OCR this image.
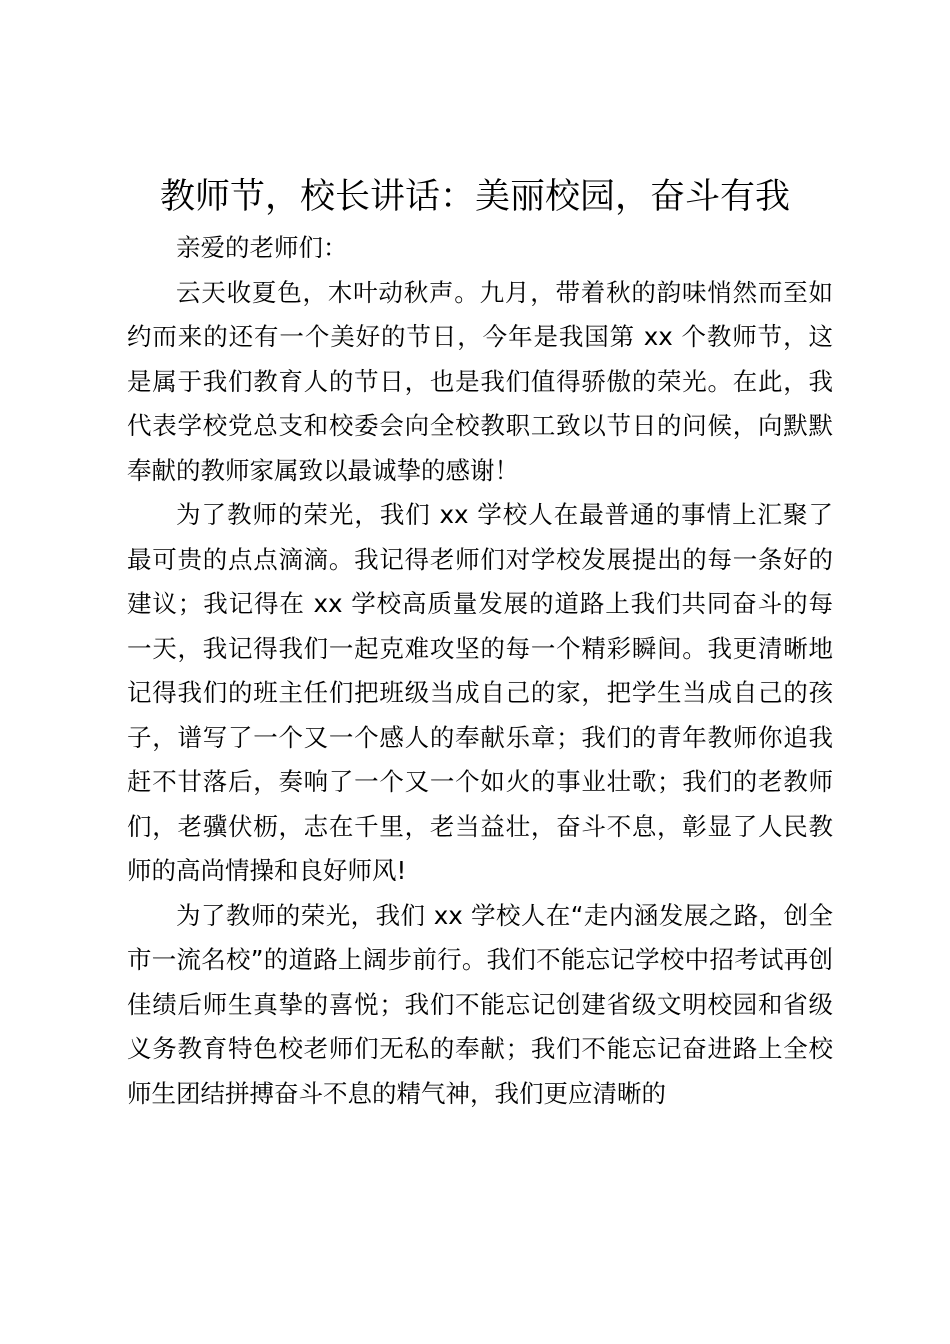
教师节，校长讲话：美丽校园，奋斗有我

亲爱的老师们：

云天收夏色，木叶动秋声。九月，带着秋的韵味悄然而至如约而来的还有一个美好的节日，今年是我国第 xx 个教师节，这是属于我们教育人的节日，也是我们值得骄傲的荣光。在此，我代表学校党总支和校委会向全校教职工致以节日的问候，向默默奉献的教师家属致以最诚挚的感谢！

为了教师的荣光，我们 xx 学校人在最普通的事情上汇聚了最可贵的点点滴滴。我记得老师们对学校发展提出的每一条好的建议；我记得在 xx 学校高质量发展的道路上我们共同奋斗的每一天，我记得我们一起克难攻坚的每一个精彩瞬间。我更清晰地记得我们的班主任们把班级当成自己的家，把学生当成自己的孩子，谱写了一个又一个感人的奉献乐章；我们的青年教师你追我赶不甘落后，奏响了一个又一个如火的事业壮歌；我们的老教师们，老骥伏枥，志在千里，老当益壮，奋斗不息，彰显了人民教师的高尚情操和良好师风!

为了教师的荣光，我们 xx 学校人在“走内涵发展之路，创全市一流名校”的道路上阔步前行。我们不能忘记学校中招考试再创佳绩后师生真挚的喜悦；我们不能忘记创建省级文明校园和省级义务教育特色校老师们无私的奉献；我们不能忘记奋进路上全校师生团结拼搏奋斗不息的精气神，我们更应清晰的
